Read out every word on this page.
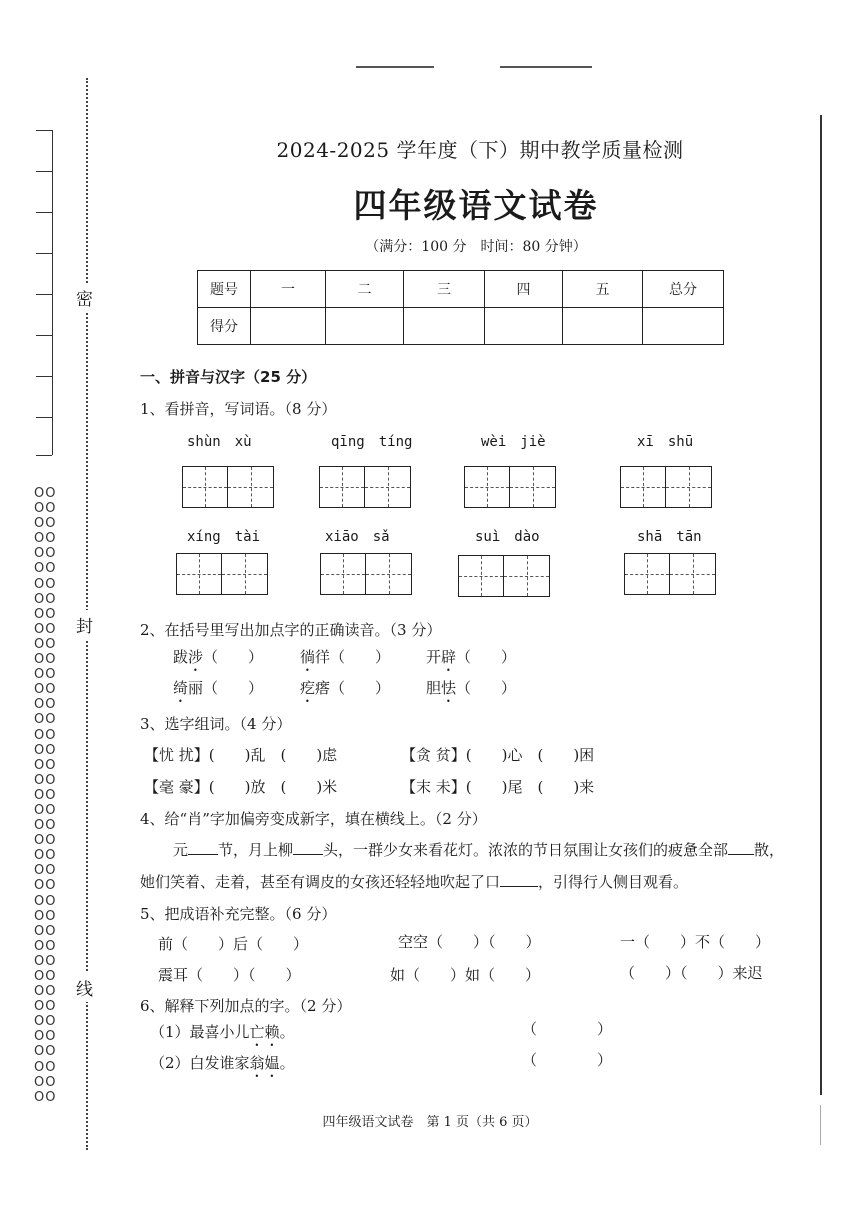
密
封
线
OO
OO
OO
OO
OO
OO
OO
OO
OO
OO
OO
OO
OO
OO
OO
OO
OO
OO
OO
OO
OO
OO
OO
OO
OO
OO
OO
OO
OO
OO
OO
OO
OO
OO
OO
OO
OO
OO
OO
OO
OO
2024-2025 学年度（下）期中教学质量检测
四年级语文试卷
（满分：100 分　时间：80 分钟）
题号	一	二	三	四	五	总分
得分						
一、拼音与汉字（25 分）
1、看拼音，写词语。（8 分）
shùn　xù	qīng　tíng	wèi　jiè	xī　shū
xíng　tài	xiāo　sǎ	suì　dào	shā　tān
2、在括号里写出加点字的正确读音。（3 分）
跋涉（　　） 徜徉（　　） 开辟（　　）
绮丽（　　） 疙瘩（　　） 胆怯（　　）
3、选字组词。（4 分）
【忧 扰】(　　)乱　(　　)虑	【贪 贫】(　　)心　(　　)困
【毫 豪】(　　)放　(　　)米	【末 未】(　　)尾　(　　)来
4、给“肖”字加偏旁变成新字，填在横线上。（2 分）
元 节，月上柳 头，一群少女来看花灯。浓浓的节日氛围让女孩们的疲惫全部 散，
她们笑着、走着，甚至有调皮的女孩还轻轻地吹起了口	，引得行人侧目观看。
5、把成语补充完整。（6 分）
前（　　）后（　　）	空空（　　）（　　）	一（　　）不（　　）
震耳（　　）（　　）	如（　　）如（　　）	（　　）（　　）来迟
6、解释下列加点的字。（2 分）
（1）最喜小儿亡赖。	（　　　　）
（2）白发谁家翁媪。	（　　　　）
四年级语文试卷　第 1 页（共 6 页）
